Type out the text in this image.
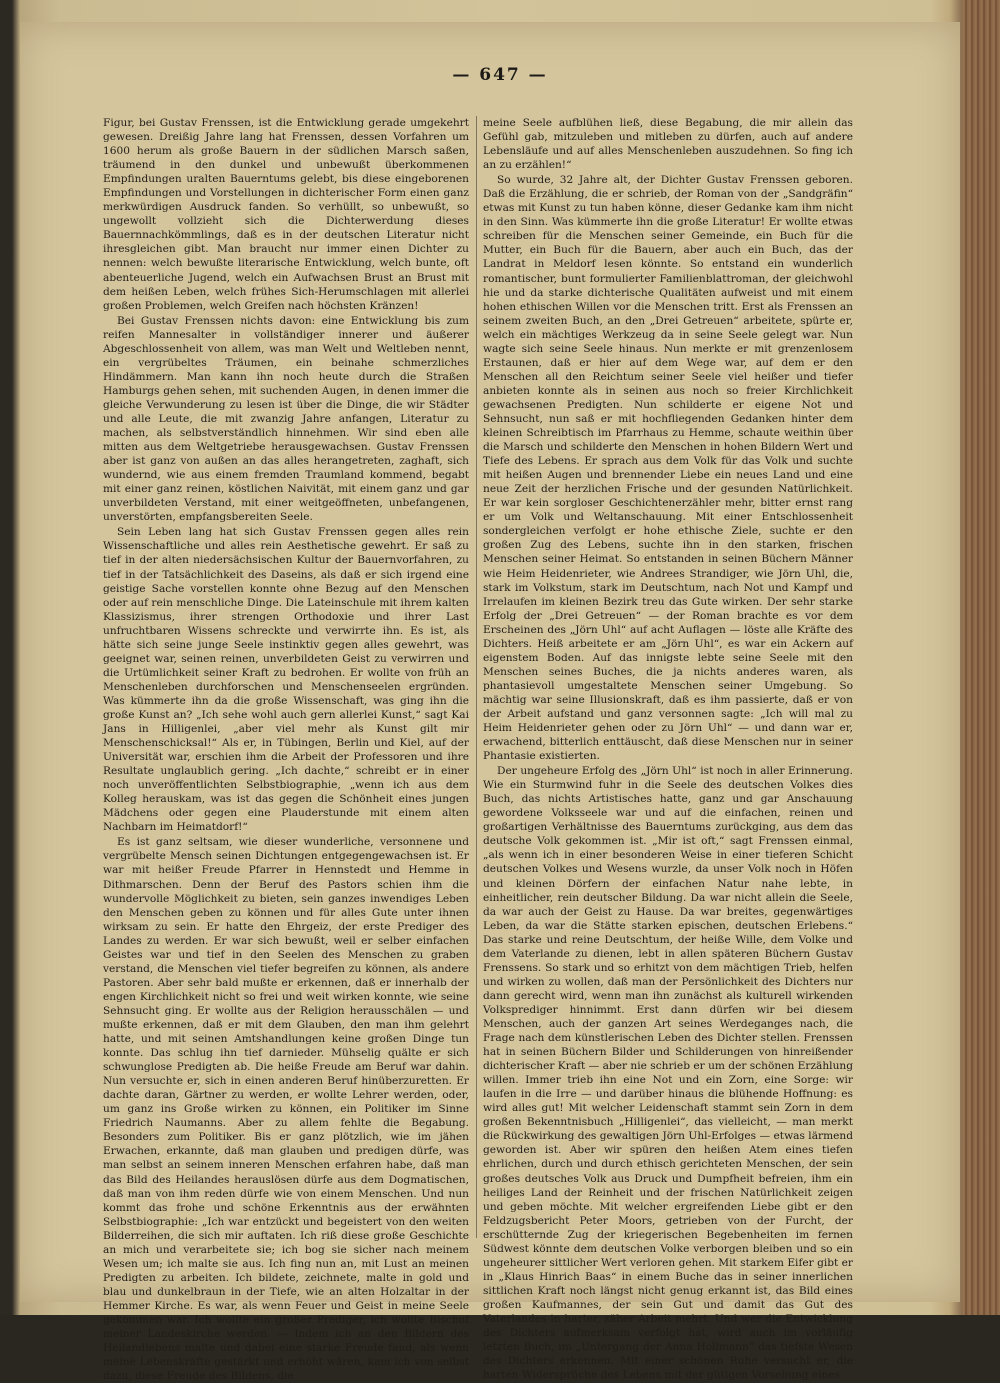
— 647 —

Figur, bei Gustav Frenssen, ist die Entwicklung gerade umgekehrt gewesen. Dreißig Jahre lang hat Frenssen, dessen Vorfahren um 1600 herum als große Bauern in der südlichen Marsch saßen, träumend in den dunkel und unbewußt überkommenen Empfindungen uralten Bauerntums gelebt, bis diese eingeborenen Empfindungen und Vorstellungen in dichterischer Form einen ganz merkwürdigen Ausdruck fanden. So verhüllt, so unbewußt, so ungewollt vollzieht sich die Dichterwerdung dieses Bauernnachkömmlings, daß es in der deutschen Literatur nicht ihresgleichen gibt. Man braucht nur immer einen Dichter zu nennen: welch bewußte literarische Entwicklung, welch bunte, oft abenteuerliche Jugend, welch ein Aufwachsen Brust an Brust mit dem heißen Leben, welch frühes Sich-Herumschlagen mit allerlei großen Problemen, welch Greifen nach höchsten Kränzen!

Bei Gustav Frenssen nichts davon: eine Entwicklung bis zum reifen Mannesalter in vollständiger innerer und äußerer Abgeschlossenheit von allem, was man Welt und Weltleben nennt, ein vergrübeltes Träumen, ein beinahe schmerzliches Hindämmern. Man kann ihn noch heute durch die Straßen Hamburgs gehen sehen, mit suchenden Augen, in denen immer die gleiche Verwunderung zu lesen ist über die Dinge, die wir Städter und alle Leute, die mit zwanzig Jahre anfangen, Literatur zu machen, als selbstverständlich hinnehmen. Wir sind eben alle mitten aus dem Weltgetriebe herausgewachsen. Gustav Frenssen aber ist ganz von außen an das alles herangetreten, zaghaft, sich wundernd, wie aus einem fremden Traumland kommend, begabt mit einer ganz reinen, köstlichen Naivität, mit einem ganz und gar unverbildeten Verstand, mit einer weitgeöffneten, unbefangenen, unverstörten, empfangsbereiten Seele.

Sein Leben lang hat sich Gustav Frenssen gegen alles rein Wissenschaftliche und alles rein Aesthetische gewehrt. Er saß zu tief in der alten niedersächsischen Kultur der Bauernvorfahren, zu tief in der Tatsächlichkeit des Daseins, als daß er sich irgend eine geistige Sache vorstellen konnte ohne Bezug auf den Menschen oder auf rein menschliche Dinge. Die Lateinschule mit ihrem kalten Klassizismus, ihrer strengen Orthodoxie und ihrer Last unfruchtbaren Wissens schreckte und verwirrte ihn. Es ist, als hätte sich seine junge Seele instinktiv gegen alles gewehrt, was geeignet war, seinen reinen, unverbildeten Geist zu verwirren und die Urtümlichkeit seiner Kraft zu bedrohen. Er wollte von früh an Menschenleben durchforschen und Menschenseelen ergründen. Was kümmerte ihn da die große Wissenschaft, was ging ihn die große Kunst an? „Ich sehe wohl auch gern allerlei Kunst,“ sagt Kai Jans in Hilligenlei, „aber viel mehr als Kunst gilt mir Menschenschicksal!“ Als er, in Tübingen, Berlin und Kiel, auf der Universität war, erschien ihm die Arbeit der Professoren und ihre Resultate unglaublich gering. „Ich dachte,“ schreibt er in einer noch unveröffentlichten Selbstbiographie, „wenn ich aus dem Kolleg herauskam, was ist das gegen die Schönheit eines jungen Mädchens oder gegen eine Plauderstunde mit einem alten Nachbarn im Heimatdorf!“

Es ist ganz seltsam, wie dieser wunderliche, versonnene und vergrübelte Mensch seinen Dichtungen entgegengewachsen ist. Er war mit heißer Freude Pfarrer in Hennstedt und Hemme in Dithmarschen. Denn der Beruf des Pastors schien ihm die wundervolle Möglichkeit zu bieten, sein ganzes inwendiges Leben den Menschen geben zu können und für alles Gute unter ihnen wirksam zu sein. Er hatte den Ehrgeiz, der erste Prediger des Landes zu werden. Er war sich bewußt, weil er selber einfachen Geistes war und tief in den Seelen des Menschen zu graben verstand, die Menschen viel tiefer begreifen zu können, als andere Pastoren. Aber sehr bald mußte er erkennen, daß er innerhalb der engen Kirchlichkeit nicht so frei und weit wirken konnte, wie seine Sehnsucht ging. Er wollte aus der Religion herausschälen — und mußte erkennen, daß er mit dem Glauben, den man ihm gelehrt hatte, und mit seinen Amtshandlungen keine großen Dinge tun konnte. Das schlug ihn tief darnieder. Mühselig quälte er sich schwunglose Predigten ab. Die heiße Freude am Beruf war dahin. Nun versuchte er, sich in einen anderen Beruf hinüberzuretten. Er dachte daran, Gärtner zu werden, er wollte Lehrer werden, oder, um ganz ins Große wirken zu können, ein Politiker im Sinne Friedrich Naumanns. Aber zu allem fehlte die Begabung. Besonders zum Politiker. Bis er ganz plötzlich, wie im jähen Erwachen, erkannte, daß man glauben und predigen dürfe, was man selbst an seinem inneren Menschen erfahren habe, daß man das Bild des Heilandes herauslösen dürfe aus dem Dogmatischen, daß man von ihm reden dürfe wie von einem Menschen. Und nun kommt das frohe und schöne Erkenntnis aus der erwähnten Selbstbiographie: „Ich war entzückt und begeistert von den weiten Bilderreihen, die sich mir auftaten. Ich riß diese große Geschichte an mich und verarbeitete sie; ich bog sie sicher nach meinem Wesen um; ich malte sie aus. Ich fing nun an, mit Lust an meinen Predigten zu arbeiten. Ich bildete, zeichnete, malte in gold und blau und dunkelbraun in der Tiefe, wie an alten Holzaltar in der Hemmer Kirche. Es war, als wenn Feuer und Geist in meine Seele gekommen war. Ich wollte ein großer Prediger, ich wollte Bischof meiner Landeskirche werden. — Indem ich an den Bildern des Heilandlebens malte und dabei eine starke Freude fand, als wenn meine Lebenskräfte gestärkt und erhöht wären, kam ich von selbst dazu, diese Freude des Bildens, die

meine Seele aufblühen ließ, diese Begabung, die mir allein das Gefühl gab, mitzuleben und mitleben zu dürfen, auch auf andere Lebensläufe und auf alles Menschenleben auszudehnen. So fing ich an zu erzählen!“

So wurde, 32 Jahre alt, der Dichter Gustav Frenssen geboren. Daß die Erzählung, die er schrieb, der Roman von der „Sandgräfin“ etwas mit Kunst zu tun haben könne, dieser Gedanke kam ihm nicht in den Sinn. Was kümmerte ihn die große Literatur! Er wollte etwas schreiben für die Menschen seiner Gemeinde, ein Buch für die Mutter, ein Buch für die Bauern, aber auch ein Buch, das der Landrat in Meldorf lesen könnte. So entstand ein wunderlich romantischer, bunt formulierter Familienblattroman, der gleichwohl hie und da starke dichterische Qualitäten aufweist und mit einem hohen ethischen Willen vor die Menschen tritt. Erst als Frenssen an seinem zweiten Buch, an den „Drei Getreuen“ arbeitete, spürte er, welch ein mächtiges Werkzeug da in seine Seele gelegt war. Nun wagte sich seine Seele hinaus. Nun merkte er mit grenzenlosem Erstaunen, daß er hier auf dem Wege war, auf dem er den Menschen all den Reichtum seiner Seele viel heißer und tiefer anbieten konnte als in seinen aus noch so freier Kirchlichkeit gewachsenen Predigten. Nun schilderte er eigene Not und Sehnsucht, nun saß er mit hochfliegenden Gedanken hinter dem kleinen Schreibtisch im Pfarrhaus zu Hemme, schaute weithin über die Marsch und schilderte den Menschen in hohen Bildern Wert und Tiefe des Lebens. Er sprach aus dem Volk für das Volk und suchte mit heißen Augen und brennender Liebe ein neues Land und eine neue Zeit der herzlichen Frische und der gesunden Natürlichkeit. Er war kein sorgloser Geschichtenerzähler mehr, bitter ernst rang er um Volk und Weltanschauung. Mit einer Entschlossenheit sondergleichen verfolgt er hohe ethische Ziele, suchte er den großen Zug des Lebens, suchte ihn in den starken, frischen Menschen seiner Heimat. So entstanden in seinen Büchern Männer wie Heim Heidenrieter, wie Andrees Strandiger, wie Jörn Uhl, die, stark im Volkstum, stark im Deutschtum, nach Not und Kampf und Irrelaufen im kleinen Bezirk treu das Gute wirken. Der sehr starke Erfolg der „Drei Getreuen“ — der Roman brachte es vor dem Erscheinen des „Jörn Uhl“ auf acht Auflagen — löste alle Kräfte des Dichters. Heiß arbeitete er am „Jörn Uhl“, es war ein Ackern auf eigenstem Boden. Auf das innigste lebte seine Seele mit den Menschen seines Buches, die ja nichts anderes waren, als phantasievoll umgestaltete Menschen seiner Umgebung. So mächtig war seine Illusionskraft, daß es ihm passierte, daß er von der Arbeit aufstand und ganz versonnen sagte: „Ich will mal zu Heim Heidenrieter gehen oder zu Jörn Uhl“ — und dann war er, erwachend, bitterlich enttäuscht, daß diese Menschen nur in seiner Phantasie existierten.

Der ungeheure Erfolg des „Jörn Uhl“ ist noch in aller Erinnerung. Wie ein Sturmwind fuhr in die Seele des deutschen Volkes dies Buch, das nichts Artistisches hatte, ganz und gar Anschauung gewordene Volksseele war und auf die einfachen, reinen und großartigen Verhältnisse des Bauerntums zurückging, aus dem das deutsche Volk gekommen ist. „Mir ist oft,“ sagt Frenssen einmal, „als wenn ich in einer besonderen Weise in einer tieferen Schicht deutschen Volkes und Wesens wurzle, da unser Volk noch in Höfen und kleinen Dörfern der einfachen Natur nahe lebte, in einheitlicher, rein deutscher Bildung. Da war nicht allein die Seele, da war auch der Geist zu Hause. Da war breites, gegenwärtiges Leben, da war die Stätte starken epischen, deutschen Erlebens.“ Das starke und reine Deutschtum, der heiße Wille, dem Volke und dem Vaterlande zu dienen, lebt in allen späteren Büchern Gustav Frenssens. So stark und so erhitzt von dem mächtigen Trieb, helfen und wirken zu wollen, daß man der Persönlichkeit des Dichters nur dann gerecht wird, wenn man ihn zunächst als kulturell wirkenden Volksprediger hinnimmt. Erst dann dürfen wir bei diesem Menschen, auch der ganzen Art seines Werdeganges nach, die Frage nach dem künstlerischen Leben des Dichter stellen. Frenssen hat in seinen Büchern Bilder und Schilderungen von hinreißender dichterischer Kraft — aber nie schrieb er um der schönen Erzählung willen. Immer trieb ihn eine Not und ein Zorn, eine Sorge: wir laufen in die Irre — und darüber hinaus die blühende Hoffnung: es wird alles gut! Mit welcher Leidenschaft stammt sein Zorn in dem großen Bekenntnisbuch „Hilligenlei“, das vielleicht, — man merkt die Rückwirkung des gewaltigen Jörn Uhl-Erfolges — etwas lärmend geworden ist. Aber wir spüren den heißen Atem eines tiefen ehrlichen, durch und durch ethisch gerichteten Menschen, der sein großes deutsches Volk aus Druck und Dumpfheit befreien, ihm ein heiliges Land der Reinheit und der frischen Natürlichkeit zeigen und geben möchte. Mit welcher ergreifenden Liebe gibt er den Feldzugsbericht Peter Moors, getrieben von der Furcht, der erschütternde Zug der kriegerischen Begebenheiten im fernen Südwest könnte dem deutschen Volke verborgen bleiben und so ein ungeheurer sittlicher Wert verloren gehen. Mit starkem Eifer gibt er in „Klaus Hinrich Baas“ in einem Buche das in seiner innerlichen sittlichen Kraft noch längst nicht genug erkannt ist, das Bild eines großen Kaufmannes, der sein Gut und damit das Gut des Vaterlandes in harter, zäher Arbeit mehrt. Und wer die Entwicklung des Dichters aufmerksam verfolgt hat, wird auch im vorläufig letzten Buch, im „Untergang der Anna Hollmann“ das tiefste Wesen des Dichters erkennen. Mit einer schönen Ruhe versucht er, die harten Widersprüche des Lebens mit der gütigen Vorsehung eines
